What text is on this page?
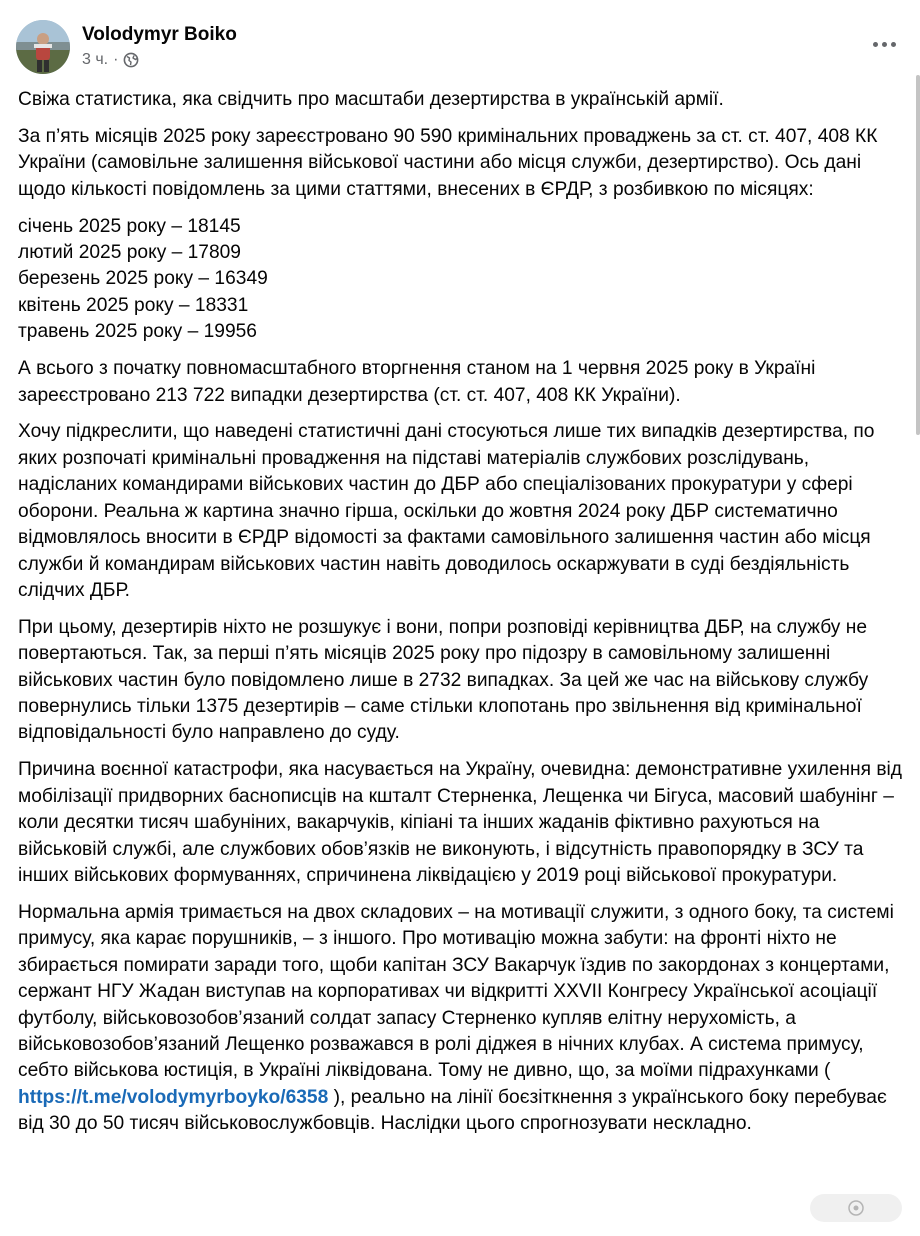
Volodymyr Boiko
3 ч. ·

Свіжа статистика, яка свідчить про масштаби дезертирства в українській армії.

За п’ять місяців 2025 року зареєстровано 90 590 кримінальних проваджень за ст. ст. 407, 408 КК України (самовільне залишення військової частини або місця служби, дезертирство). Ось дані щодо кількості повідомлень за цими статтями, внесених в ЄРДР, з розбивкою по місяцях:

січень 2025 року – 18145
лютий 2025 року – 17809
березень 2025 року – 16349
квітень 2025 року – 18331
травень 2025 року – 19956

А всього з початку повномасштабного вторгнення станом на 1 червня 2025 року в Україні зареєстровано 213 722 випадки дезертирства (ст. ст. 407, 408 КК України).

Хочу підкреслити, що наведені статистичні дані стосуються лише тих випадків дезертирства, по яких розпочаті кримінальні провадження на підставі матеріалів службових розслідувань, надісланих командирами військових частин до ДБР або спеціалізованих прокуратури у сфері оборони. Реальна ж картина значно гірша, оскільки до жовтня 2024 року ДБР систематично відмовлялось вносити в ЄРДР відомості за фактами самовільного залишення частин або місця служби й командирам військових частин навіть доводилось оскаржувати в суді бездіяльність слідчих ДБР.

При цьому, дезертирів ніхто не розшукує і вони, попри розповіді керівництва ДБР, на службу не повертаються. Так, за перші п’ять місяців 2025 року про підозру в самовільному залишенні військових частин було повідомлено лише в 2732 випадках. За цей же час на військову службу повернулись тільки 1375 дезертирів – саме стільки клопотань про звільнення від кримінальної відповідальності було направлено до суду.

Причина воєнної катастрофи, яка насувається на Україну, очевидна: демонстративне ухилення від мобілізації придворних баснописців на кшталт Стерненка, Лещенка чи Бігуса, масовий шабунінг – коли десятки тисяч шабуніних, вакарчуків, кіпіані та інших жаданів фіктивно рахуються на військовій службі, але службових обов’язків не виконують, і відсутність правопорядку в ЗСУ та інших військових формуваннях, спричинена ліквідацією у 2019 році військової прокуратури.

Нормальна армія тримається на двох складових – на мотивації служити, з одного боку, та системі примусу, яка карає порушників, – з іншого. Про мотивацію можна забути: на фронті ніхто не збирається помирати заради того, щоби капітан ЗСУ Вакарчук їздив по закордонах з концертами, сержант НГУ Жадан виступав на корпоративах чи відкритті XXVII Конгресу Української асоціації футболу, військовозобов’язаний солдат запасу Стерненко купляв елітну нерухомість, а військовозобов’язаний Лещенко розважався в ролі діджея в нічних клубах. А система примусу, себто військова юстиція, в Україні ліквідована. Тому не дивно, що, за моїми підрахунками ( https://t.me/volodymyrboyko/6358 ), реально на лінії боєзіткнення з українського боку перебуває від 30 до 50 тисяч військовослужбовців. Наслідки цього спрогнозувати нескладно.
